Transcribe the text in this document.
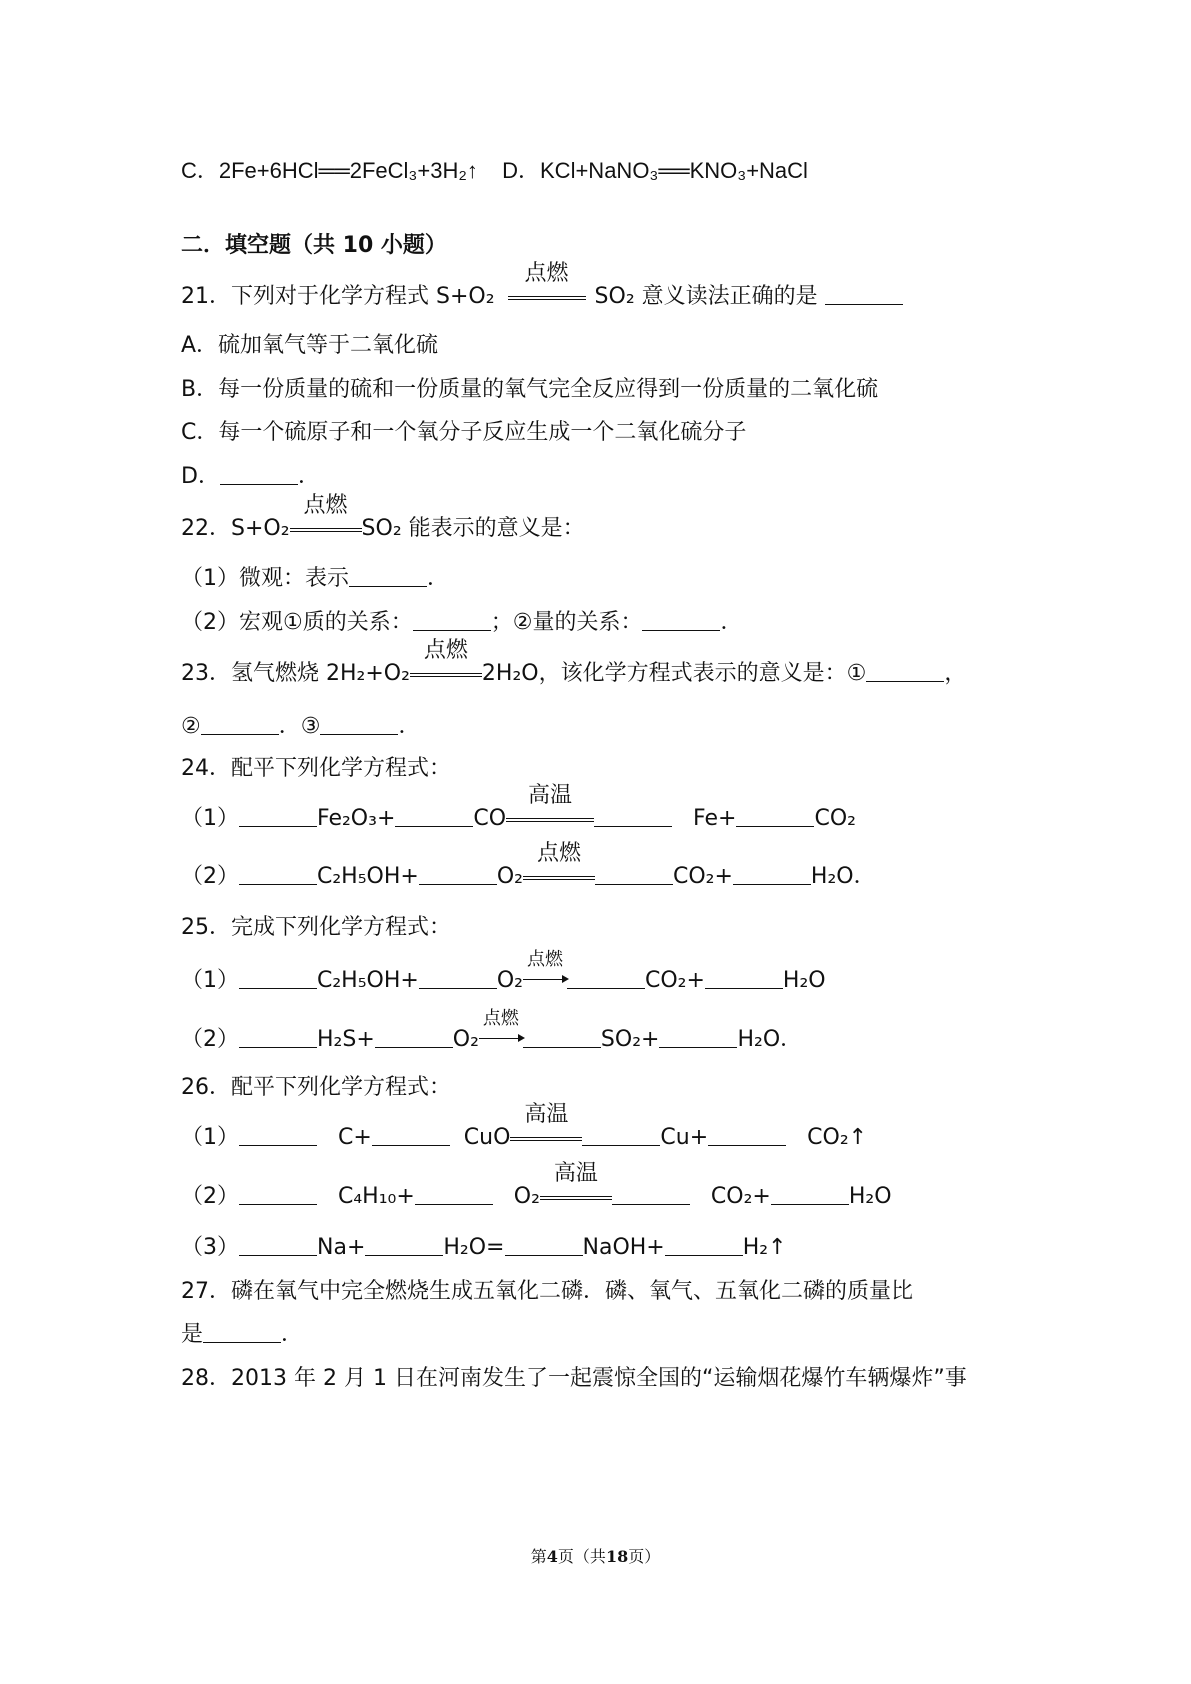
C．2Fe+6HCl══2FeCl₃+3H₂↑ D．KCl+NaNO₃══KNO₃+NaCl
二．填空题（共 10 小题）
21．下列对于化学方程式 S+O₂
点燃
SO₂ 意义读法正确的是
A．硫加氧气等于二氧化硫
B．每一份质量的硫和一份质量的氧气完全反应得到一份质量的二氧化硫
C．每一个硫原子和一个氧分子反应生成一个二氧化硫分子
D．	．
22．S+O₂
点燃
SO₂ 能表示的意义是：
（1）微观：表示	．
（2）宏观①质的关系：	；②量的关系：	．
23．氢气燃烧 2H₂+O₂
点燃
2H₂O，该化学方程式表示的意义是：①	，
②	．③	．
24．配平下列化学方程式：
（1）	Fe₂O₃+	CO
高温
Fe+	CO₂
（2）	C₂H₅OH+	O₂
点燃
CO₂+	H₂O．
25．完成下列化学方程式：
（1）	C₂H₅OH+	O₂
点燃
CO₂+	H₂O
（2）	H₂S+	O₂
点燃
SO₂+	H₂O．
26．配平下列化学方程式：
（1）	C+	CuO
高温
Cu+	CO₂↑
（2）	C₄H₁₀+	O₂
高温
CO₂+	H₂O
（3）	Na+	H₂O=	NaOH+	H₂↑
27．磷在氧气中完全燃烧生成五氧化二磷．磷、氧气、五氧化二磷的质量比
是	．
28．2013 年 2 月 1 日在河南发生了一起震惊全国的“运输烟花爆竹车辆爆炸”事
第4页（共18页）
